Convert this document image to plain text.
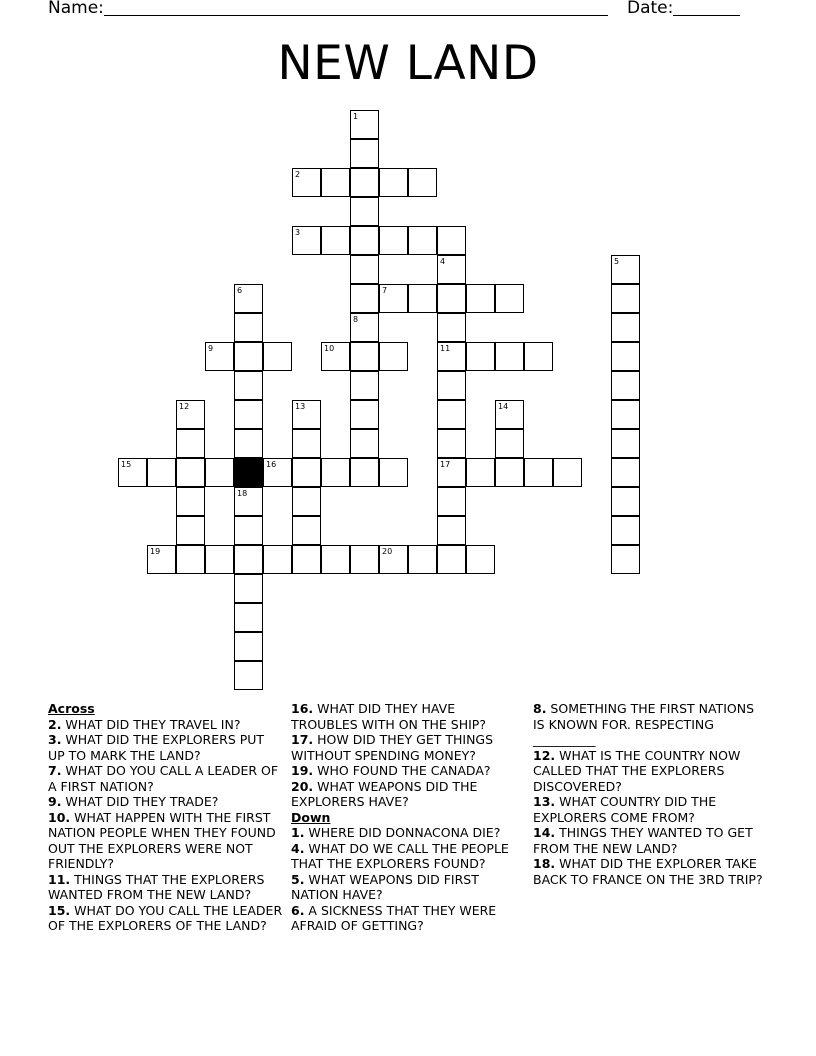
Name:	Date:
NEW LAND
1
2
3
4
11
17
5
6
18
7
8
9	10
12	13	14
15	16
19	20
Across
2. WHAT DID THEY TRAVEL IN?
3. WHAT DID THE EXPLORERS PUT UP TO MARK THE LAND?
7. WHAT DO YOU CALL A LEADER OF A FIRST NATION?
9. WHAT DID THEY TRADE?
10. WHAT HAPPEN WITH THE FIRST NATION PEOPLE WHEN THEY FOUND OUT THE EXPLORERS WERE NOT FRIENDLY?
11. THINGS THAT THE EXPLORERS WANTED FROM THE NEW LAND?
15. WHAT DO YOU CALL THE LEADER OF THE EXPLORERS OF THE LAND?
16. WHAT DID THEY HAVE TROUBLES WITH ON THE SHIP?
17. HOW DID THEY GET THINGS WITHOUT SPENDING MONEY?
19. WHO FOUND THE CANADA?
20. WHAT WEAPONS DID THE EXPLORERS HAVE?
Down
1. WHERE DID DONNACONA DIE?
4. WHAT DO WE CALL THE PEOPLE THAT THE EXPLORERS FOUND?
5. WHAT WEAPONS DID FIRST NATION HAVE?
6. A SICKNESS THAT THEY WERE AFRAID OF GETTING?
8. SOMETHING THE FIRST NATIONS IS KNOWN FOR. RESPECTING __________
12. WHAT IS THE COUNTRY NOW CALLED THAT THE EXPLORERS DISCOVERED?
13. WHAT COUNTRY DID THE EXPLORERS COME FROM?
14. THINGS THEY WANTED TO GET FROM THE NEW LAND?
18. WHAT DID THE EXPLORER TAKE BACK TO FRANCE ON THE 3RD TRIP?
